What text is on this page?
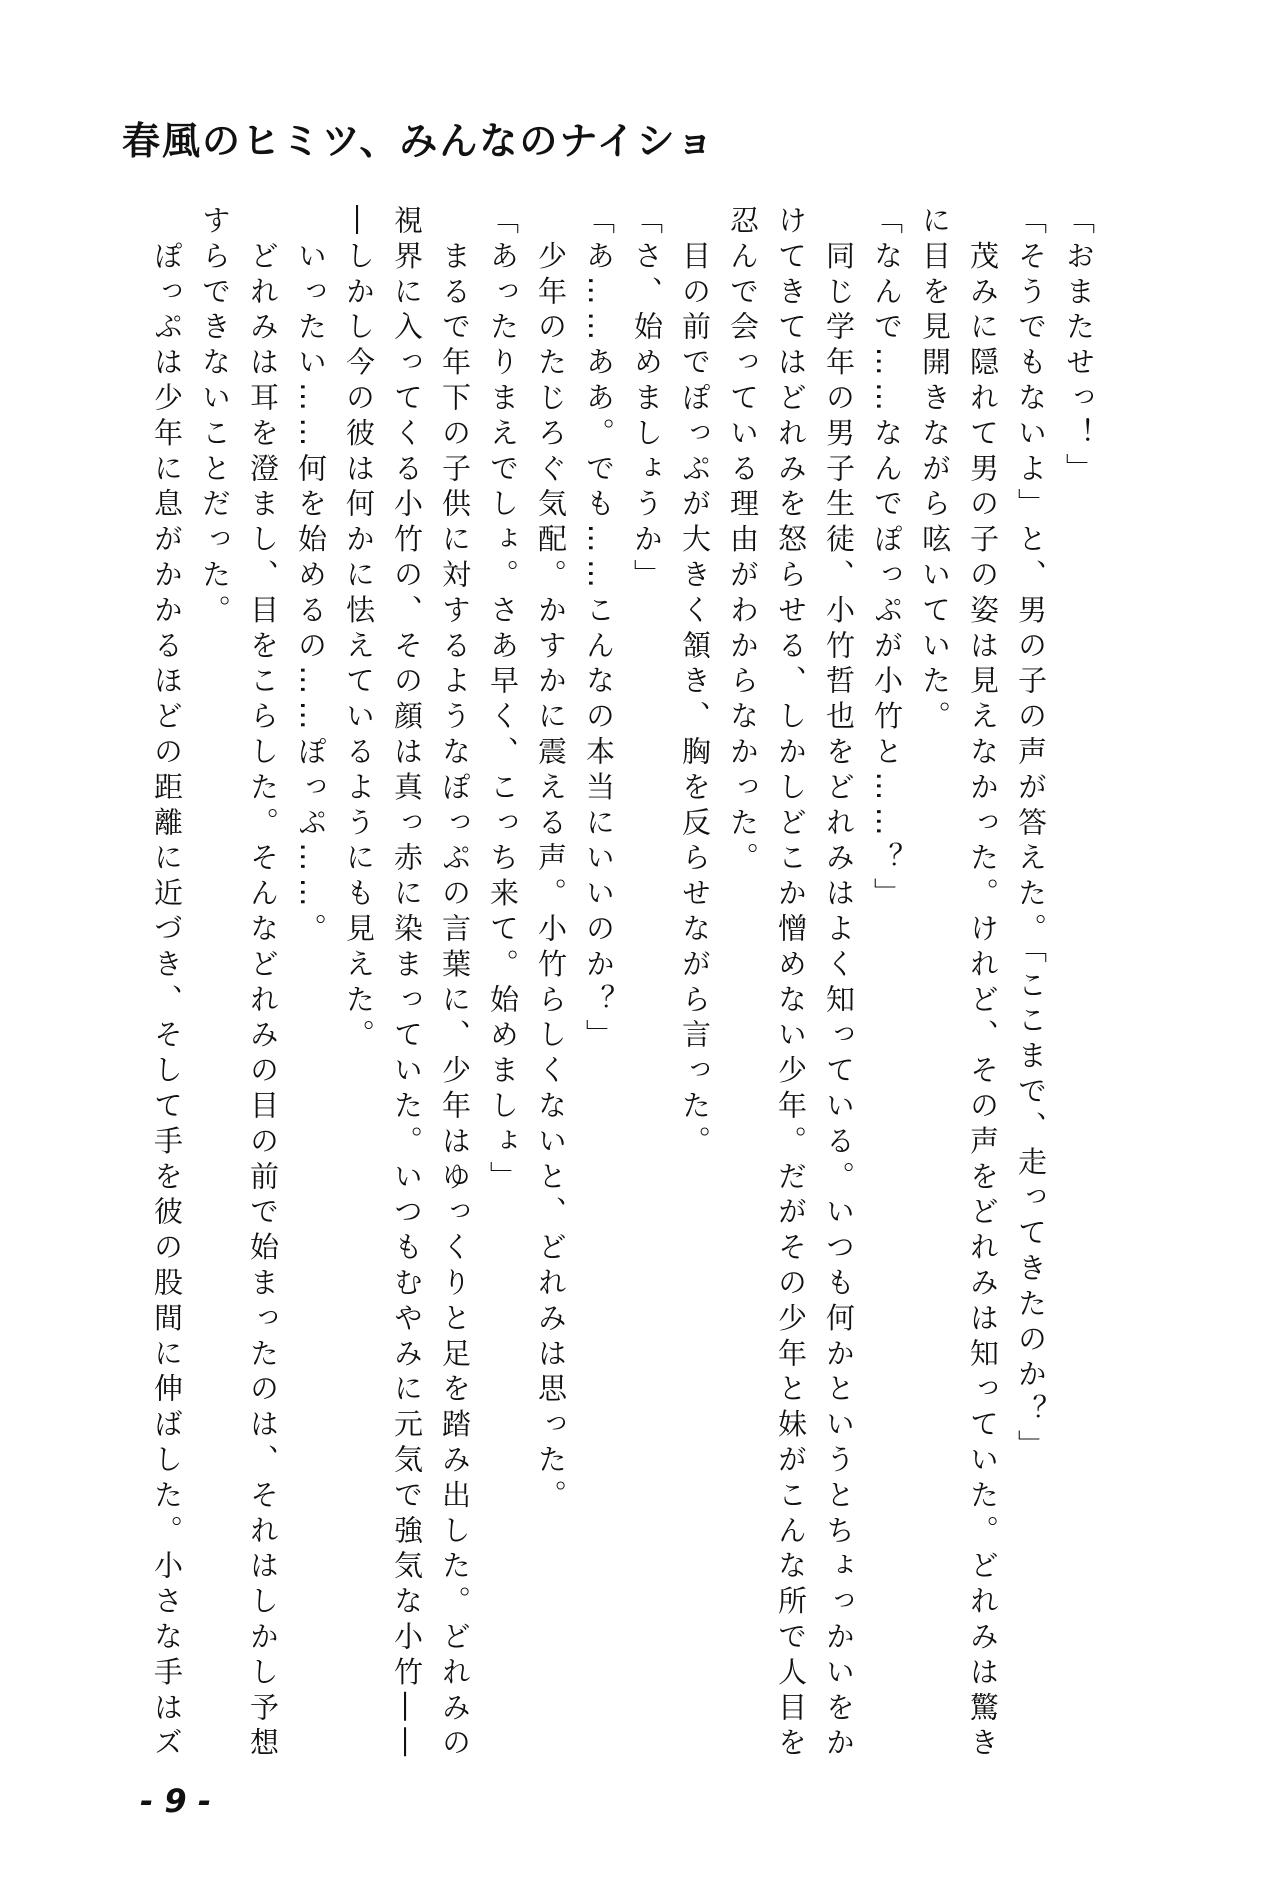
春風のヒミツ、みんなのナイショ

「おまたせっ！」

「そうでもないよ」と、男の子の声が答えた。「ここまで、走ってきたのか？」

　茂みに隠れて男の子の姿は見えなかった。けれど、その声をどれみは知っていた。どれみは驚き

に目を見開きながら呟いていた。

「なんで……なんでぽっぷが小竹と……？」

　同じ学年の男子生徒、小竹哲也をどれみはよく知っている。いつも何かというとちょっかいをか

けてきてはどれみを怒らせる、しかしどこか憎めない少年。だがその少年と妹がこんな所で人目を

忍んで会っている理由がわからなかった。

　目の前でぽっぷが大きく頷き、胸を反らせながら言った。

「さ、始めましょうか」

「あ……ああ。でも……こんなの本当にいいのか？」

　少年のたじろぐ気配。かすかに震える声。小竹らしくないと、どれみは思った。

「あったりまえでしょ。さあ早く、こっち来て。始めましょ」

　まるで年下の子供に対するようなぽっぷの言葉に、少年はゆっくりと足を踏み出した。どれみの

視界に入ってくる小竹の、その顔は真っ赤に染まっていた。いつもむやみに元気で強気な小竹――

―しかし今の彼は何かに怯えているようにも見えた。

　いったい……何を始めるの……ぽっぷ……。

　どれみは耳を澄まし、目をこらした。そんなどれみの目の前で始まったのは、それはしかし予想

すらできないことだった。

　ぽっぷは少年に息がかかるほどの距離に近づき、そして手を彼の股間に伸ばした。小さな手はズ

- 9 -
